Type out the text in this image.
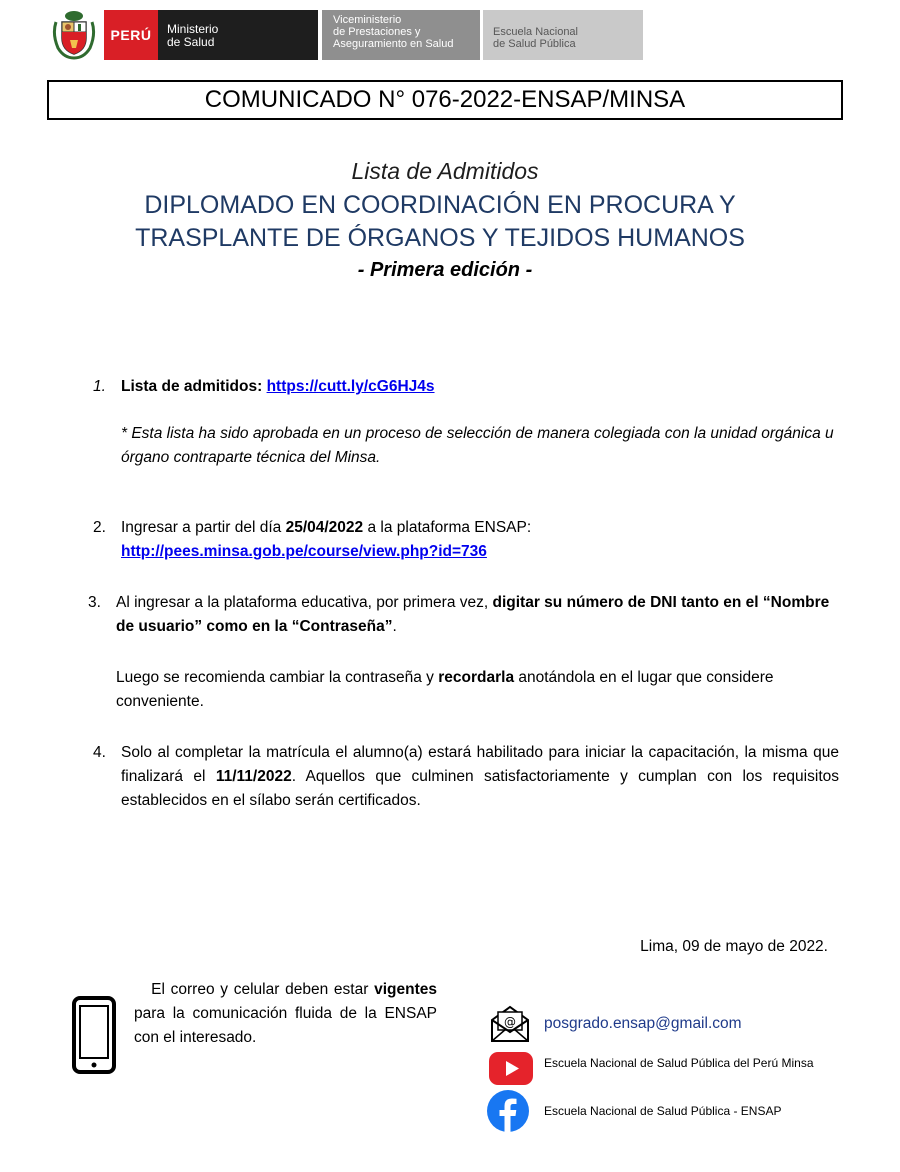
PERÚ Ministerio
de Salud
Viceministerio
de Prestaciones y
Aseguramiento en Salud
Escuela Nacional
de Salud Pública
COMUNICADO N° 076-2022-ENSAP/MINSA
Lista de Admitidos
DIPLOMADO EN COORDINACIÓN EN PROCURA Y
TRASPLANTE DE ÓRGANOS Y TEJIDOS HUMANOS
- Primera edición -
1. Lista de admitidos: https://cutt.ly/cG6HJ4s
* Esta lista ha sido aprobada en un proceso de selección de manera colegiada con la unidad orgánica u órgano contraparte técnica del Minsa.
2. Ingresar a partir del día 25/04/2022 a la plataforma ENSAP:
http://pees.minsa.gob.pe/course/view.php?id=736
3. Al ingresar a la plataforma educativa, por primera vez, digitar su número de DNI tanto en el “Nombre de usuario” como en la “Contraseña”.
Luego se recomienda cambiar la contraseña y recordarla anotándola en el lugar que considere conveniente.
4. Solo al completar la matrícula el alumno(a) estará habilitado para iniciar la capacitación, la misma que finalizará el 11/11/2022. Aquellos que culminen satisfactoriamente y cumplan con los requisitos establecidos en el sílabo serán certificados.
Lima, 09 de mayo de 2022.
El correo y celular deben estar vigentes para la comunicación fluida de la ENSAP con el interesado.
@ posgrado.ensap@gmail.com
Escuela Nacional de Salud Pública del Perú Minsa
Escuela Nacional de Salud Pública - ENSAP
